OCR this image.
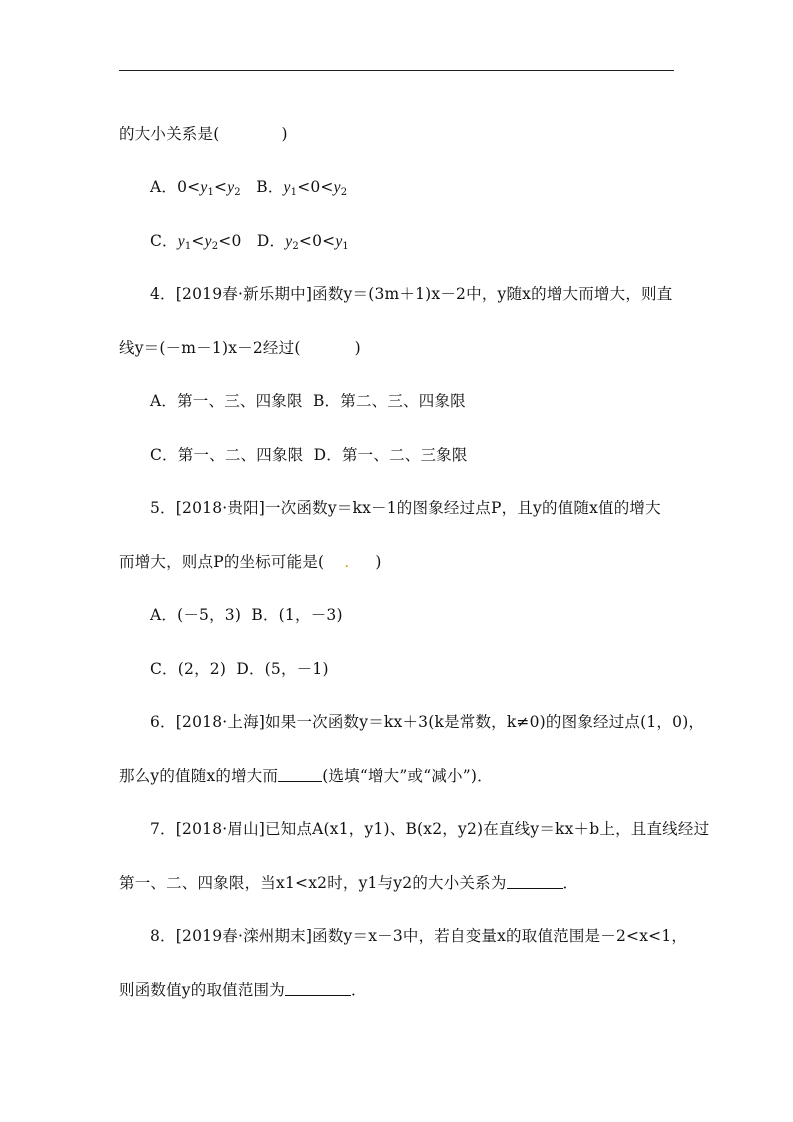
的大小关系是(	)
A．$0<y_1<y_2$ B．$y_1<0<y_2$
C．$y_1<y_2<0$ D．$y_2<0<y_1$
4．[2019春·新乐期中]函数y＝(3m＋1)x－2中，y随x的增大而增大，则直
线y＝(－m－1)x－2经过(	)
A．第一、三、四象限 B．第二、三、四象限
C．第一、二、四象限 D．第一、二、三象限
5．[2018·贵阳]一次函数y＝kx－1的图象经过点P，且y的值随x值的增大
而增大，则点P的坐标可能是( . )
A．(－5，3) B．(1，－3)
C．(2，2) D．(5，－1)
6．[2018·上海]如果一次函数y＝kx＋3(k是常数，k≠0)的图象经过点(1，0)，
那么y的值随x的增大而	(选填“增大”或“减小”)．
7．[2018·眉山]已知点A(x1，y1)、B(x2，y2)在直线y＝kx＋b上，且直线经过
第一、二、四象限，当x1<x2时，y1与y2的大小关系为	．
8．[2019春·滦州期末]函数y＝x－3中，若自变量x的取值范围是－2<x<1，
则函数值y的取值范围为	．
